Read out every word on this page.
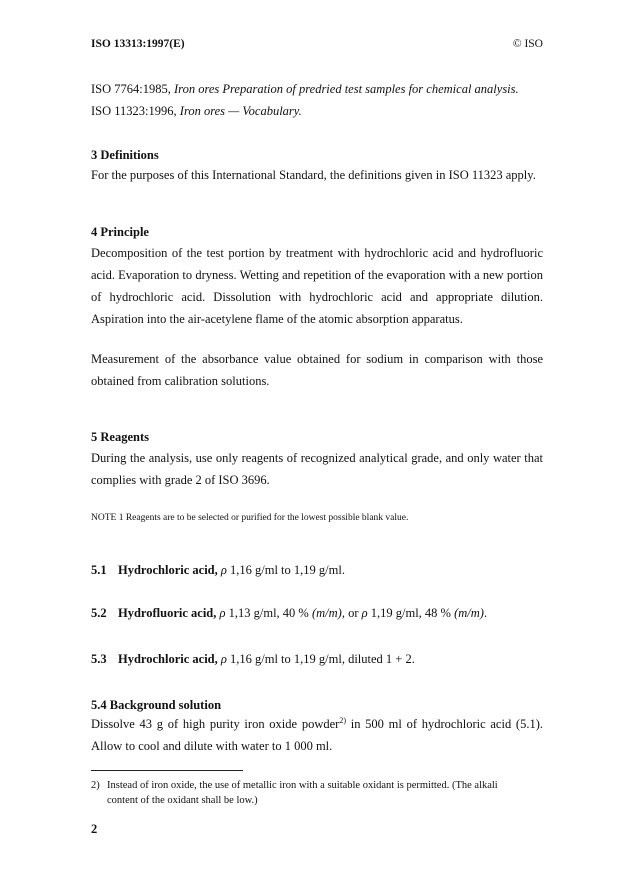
ISO 13313:1997(E)	© ISO
ISO 7764:1985, Iron ores Preparation of predried test samples for chemical analysis.
ISO 11323:1996, Iron ores — Vocabulary.
3 Definitions
For the purposes of this International Standard, the definitions given in ISO 11323 apply.
4 Principle
Decomposition of the test portion by treatment with hydrochloric acid and hydrofluoric acid. Evaporation to dryness. Wetting and repetition of the evaporation with a new portion of hydrochloric acid. Dissolution with hydrochloric acid and appropriate dilution. Aspiration into the air-acetylene flame of the atomic absorption apparatus.
Measurement of the absorbance value obtained for sodium in comparison with those obtained from calibration solutions.
5 Reagents
During the analysis, use only reagents of recognized analytical grade, and only water that complies with grade 2 of ISO 3696.
NOTE 1 Reagents are to be selected or purified for the lowest possible blank value.
5.1 Hydrochloric acid, ρ 1,16 g/ml to 1,19 g/ml.
5.2 Hydrofluoric acid, ρ 1,13 g/ml, 40 % (m/m), or ρ 1,19 g/ml, 48 % (m/m).
5.3 Hydrochloric acid, ρ 1,16 g/ml to 1,19 g/ml, diluted 1 + 2.
5.4 Background solution
Dissolve 43 g of high purity iron oxide powder$^{2)}$ in 500 ml of hydrochloric acid (5.1). Allow to cool and dilute with water to 1 000 ml.
2) Instead of iron oxide, the use of metallic iron with a suitable oxidant is permitted. (The alkali
content of the oxidant shall be low.)
2
